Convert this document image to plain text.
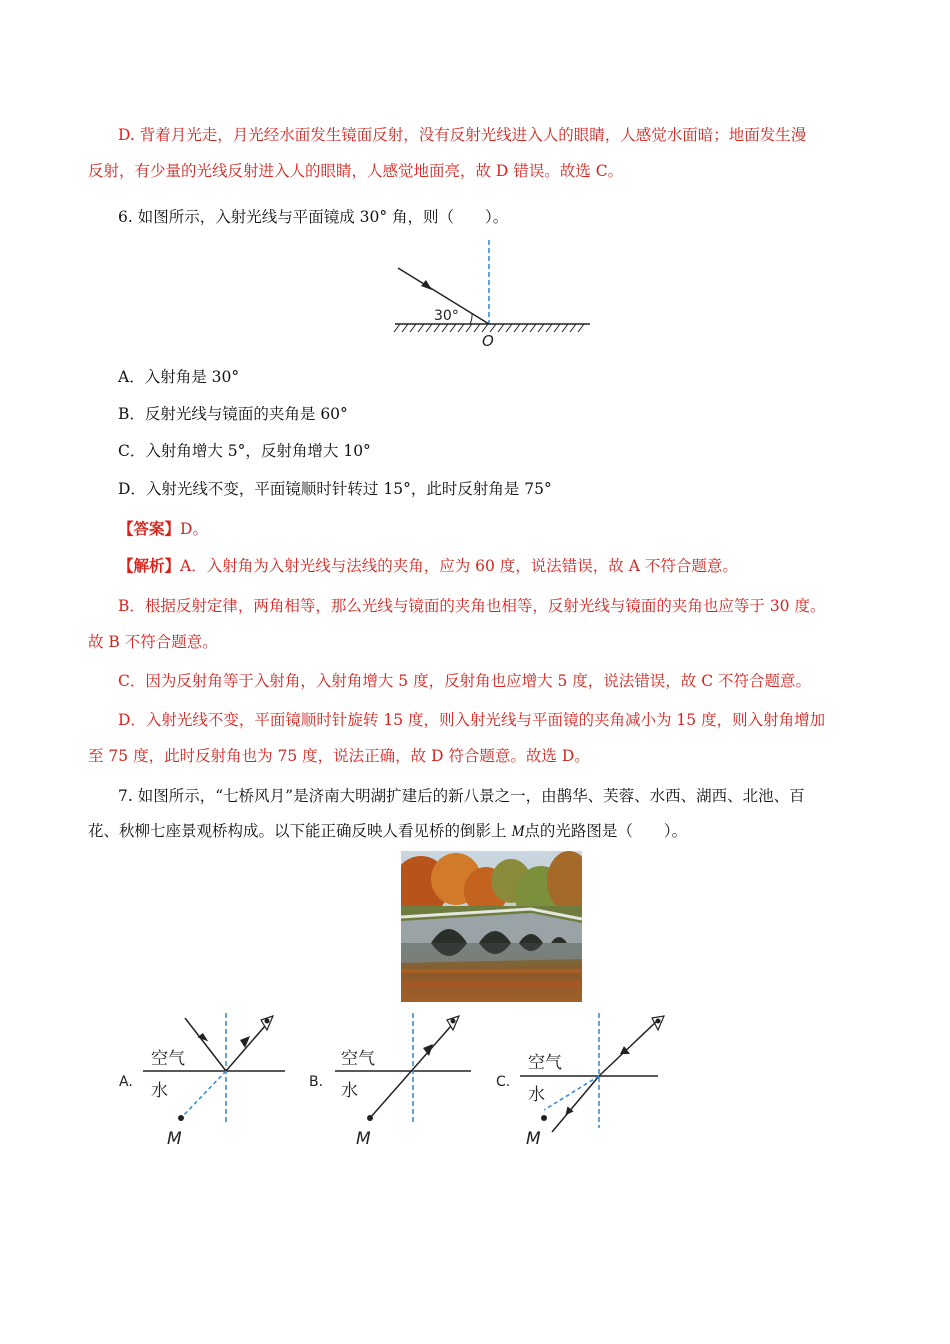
D. 背着月光走，月光经水面发生镜面反射，没有反射光线进入人的眼睛，人感觉水面暗；地面发生漫
反射，有少量的光线反射进入人的眼睛，人感觉地面亮，故 D 错误。故选 C。
6. 如图所示，入射光线与平面镜成 30° 角，则（　　）。
30°
O
A．入射角是 30°
B．反射光线与镜面的夹角是 60°
C．入射角增大 5°，反射角增大 10°
D．入射光线不变，平面镜顺时针转过 15°，此时反射角是 75°
【答案】D。
【解析】A．入射角为入射光线与法线的夹角，应为 60 度，说法错误，故 A 不符合题意。
B．根据反射定律，两角相等，那么光线与镜面的夹角也相等，反射光线与镜面的夹角也应等于 30 度。
故 B 不符合题意。
C．因为反射角等于入射角，入射角增大 5 度，反射角也应增大 5 度，说法错误，故 C 不符合题意。
D．入射光线不变，平面镜顺时针旋转 15 度，则入射光线与平面镜的夹角减小为 15 度，则入射角增加
至 75 度，此时反射角也为 75 度，说法正确，故 D 符合题意。故选 D。
7. 如图所示，“七桥风月”是济南大明湖扩建后的新八景之一，由鹊华、芙蓉、水西、湖西、北池、百
花、秋柳七座景观桥构成。以下能正确反映人看见桥的倒影上 M点的光路图是（　　）。
A.
空气
水
M
B.
空气
水
M
C.
空气
水
M
